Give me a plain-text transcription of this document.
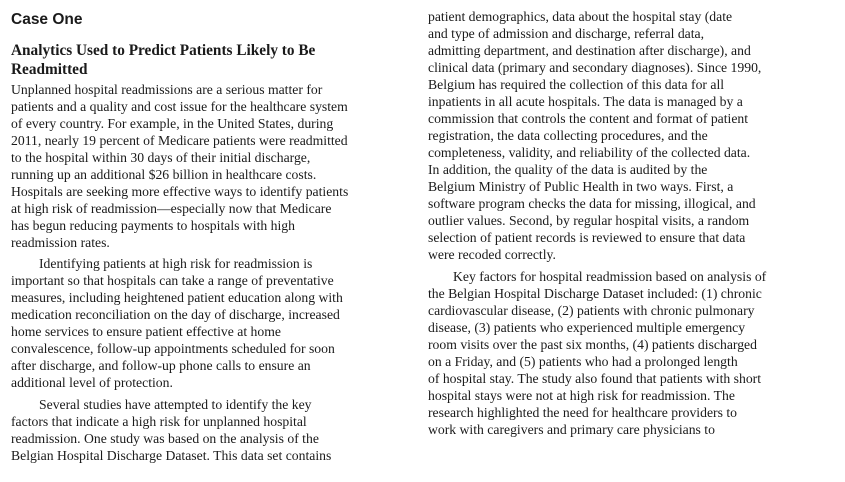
Case One
Analytics Used to Predict Patients Likely to Be
Readmitted
Unplanned hospital readmissions are a serious matter for
patients and a quality and cost issue for the healthcare system
of every country. For example, in the United States, during
2011, nearly 19 percent of Medicare patients were readmitted
to the hospital within 30 days of their initial discharge,
running up an additional $26 billion in healthcare costs.
Hospitals are seeking more effective ways to identify patients
at high risk of readmission—especially now that Medicare
has begun reducing payments to hospitals with high
readmission rates.
Identifying patients at high risk for readmission is
important so that hospitals can take a range of preventative
measures, including heightened patient education along with
medication reconciliation on the day of discharge, increased
home services to ensure patient effective at home
convalescence, follow-up appointments scheduled for soon
after discharge, and follow-up phone calls to ensure an
additional level of protection.
Several studies have attempted to identify the key
factors that indicate a high risk for unplanned hospital
readmission. One study was based on the analysis of the
Belgian Hospital Discharge Dataset. This data set contains
patient demographics, data about the hospital stay (date
and type of admission and discharge, referral data,
admitting department, and destination after discharge), and
clinical data (primary and secondary diagnoses). Since 1990,
Belgium has required the collection of this data for all
inpatients in all acute hospitals. The data is managed by a
commission that controls the content and format of patient
registration, the data collecting procedures, and the
completeness, validity, and reliability of the collected data.
In addition, the quality of the data is audited by the
Belgium Ministry of Public Health in two ways. First, a
software program checks the data for missing, illogical, and
outlier values. Second, by regular hospital visits, a random
selection of patient records is reviewed to ensure that data
were recoded correctly.
Key factors for hospital readmission based on analysis of
the Belgian Hospital Discharge Dataset included: (1) chronic
cardiovascular disease, (2) patients with chronic pulmonary
disease, (3) patients who experienced multiple emergency
room visits over the past six months, (4) patients discharged
on a Friday, and (5) patients who had a prolonged length
of hospital stay. The study also found that patients with short
hospital stays were not at high risk for readmission. The
research highlighted the need for healthcare providers to
work with caregivers and primary care physicians to
